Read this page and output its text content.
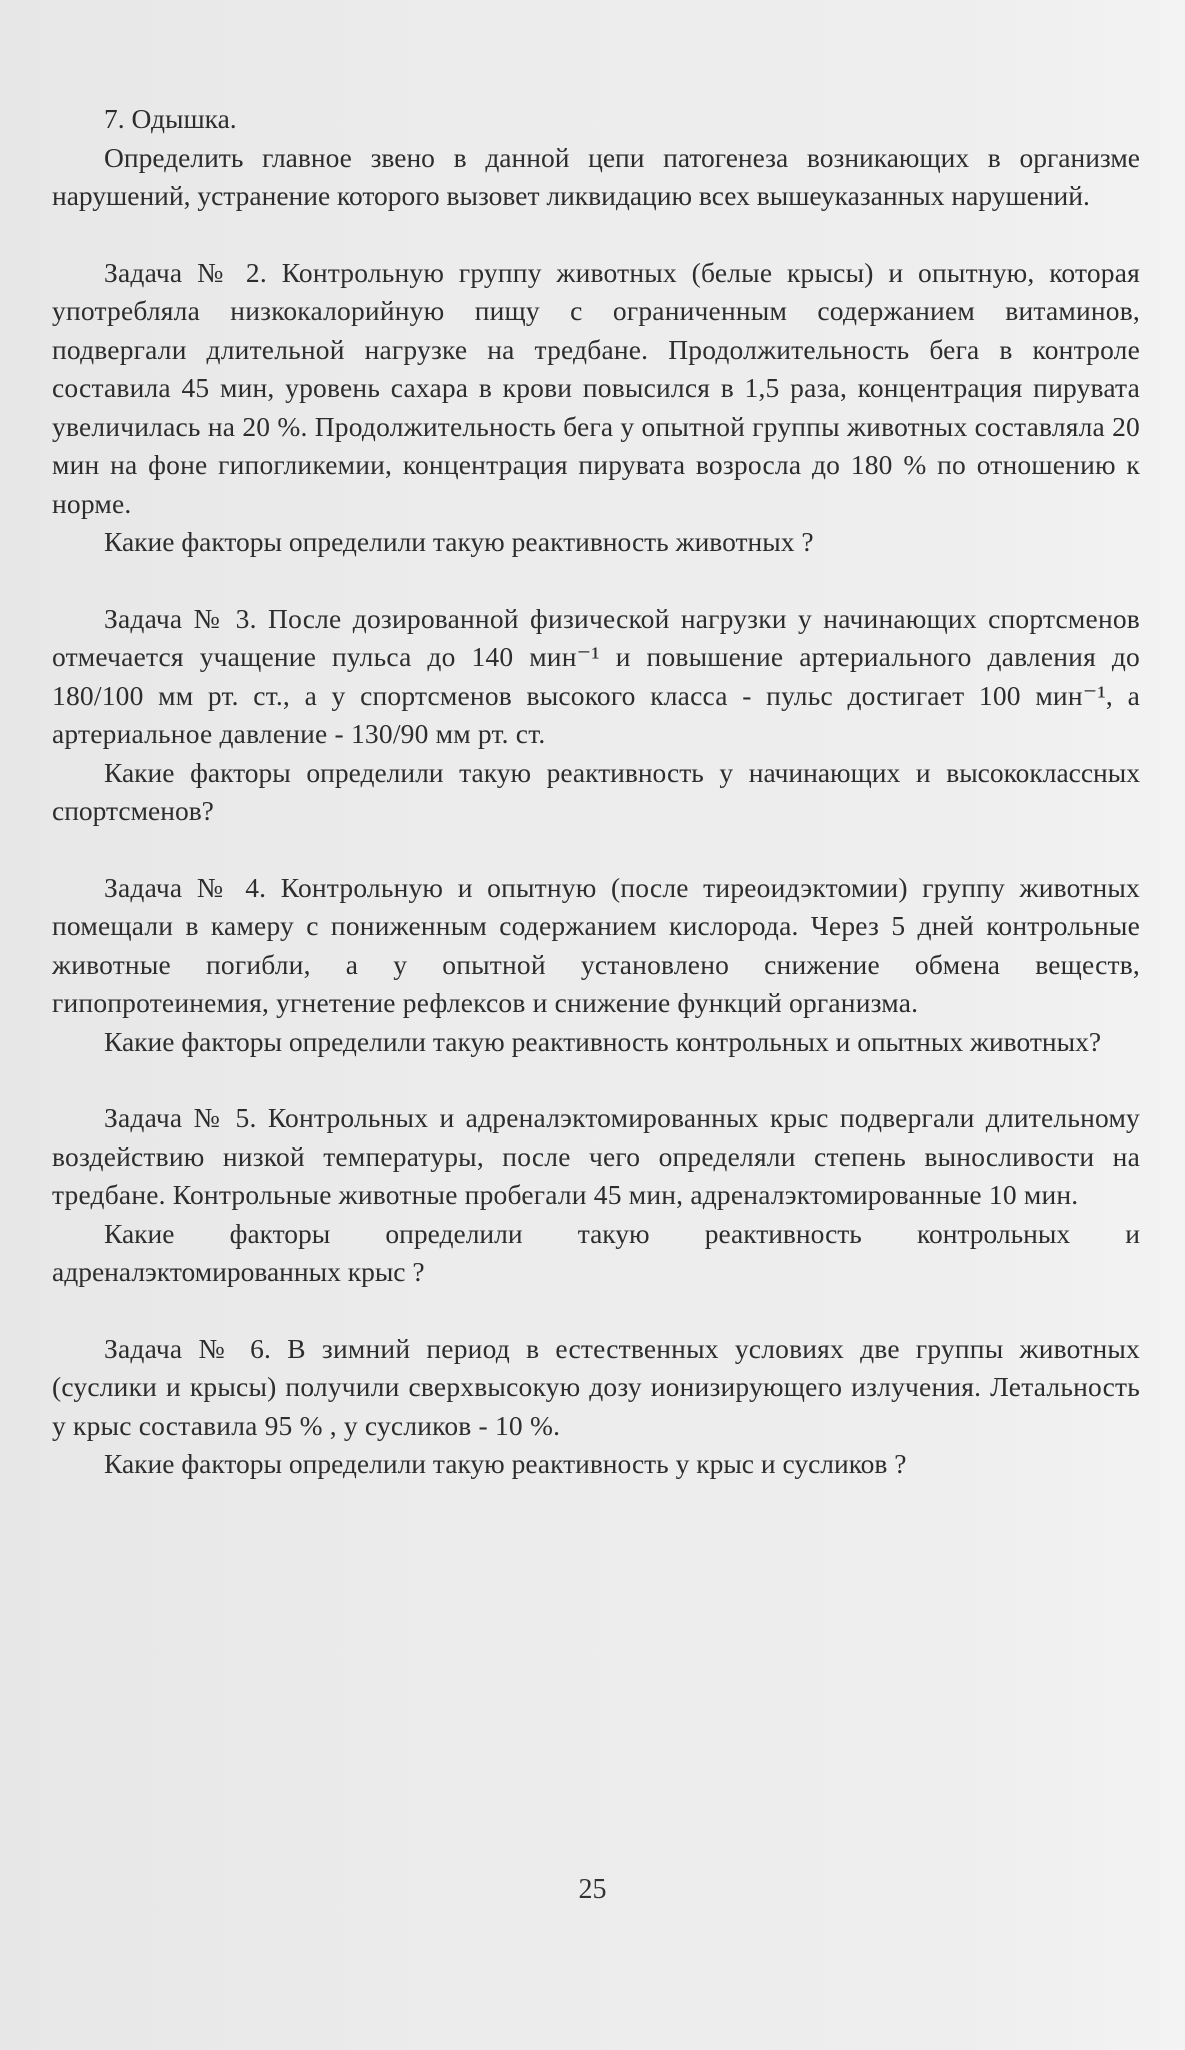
7. Одышка.

Определить главное звено в данной цепи патогенеза возникающих в организме нарушений, устранение которого вызовет ликвидацию всех вышеуказанных нарушений.

Задача № 2. Контрольную группу животных (белые крысы) и опытную, которая употребляла низкокалорийную пищу с ограниченным содержанием витаминов, подвергали длительной нагрузке на тредбане. Продолжительность бега в контроле составила 45 мин, уровень сахара в крови повысился в 1,5 раза, концентрация пирувата увеличилась на 20 %. Продолжительность бега у опытной группы животных составляла 20 мин на фоне гипогликемии, концентрация пирувата возросла до 180 % по отношению к норме.

Какие факторы определили такую реактивность животных ?

Задача № 3. После дозированной физической нагрузки у начинающих спортсменов отмечается учащение пульса до 140 мин⁻¹ и повышение артериального давления до 180/100 мм рт. ст., а у спортсменов высокого класса - пульс достигает 100 мин⁻¹, а артериальное давление - 130/90 мм рт. ст.

Какие факторы определили такую реактивность у начинающих и высококлассных спортсменов?

Задача № 4. Контрольную и опытную (после тиреоидэктомии) группу животных помещали в камеру с пониженным содержанием кислорода. Через 5 дней контрольные животные погибли, а у опытной установлено снижение обмена веществ, гипопротеинемия, угнетение рефлексов и снижение функций организма.

Какие факторы определили такую реактивность контрольных и опытных животных?

Задача № 5. Контрольных и адреналэктомированных крыс подвергали длительному воздействию низкой температуры, после чего определяли степень выносливости на тредбане. Контрольные животные пробегали 45 мин, адреналэктомированные 10 мин.

Какие факторы определили такую реактивность контрольных и адреналэктомированных крыс ?

Задача № 6. В зимний период в естественных условиях две группы животных (суслики и крысы) получили сверхвысокую дозу ионизирующего излучения. Летальность у крыс составила 95 % , у сусликов - 10 %.

Какие факторы определили такую реактивность у крыс и сусликов ?

25
